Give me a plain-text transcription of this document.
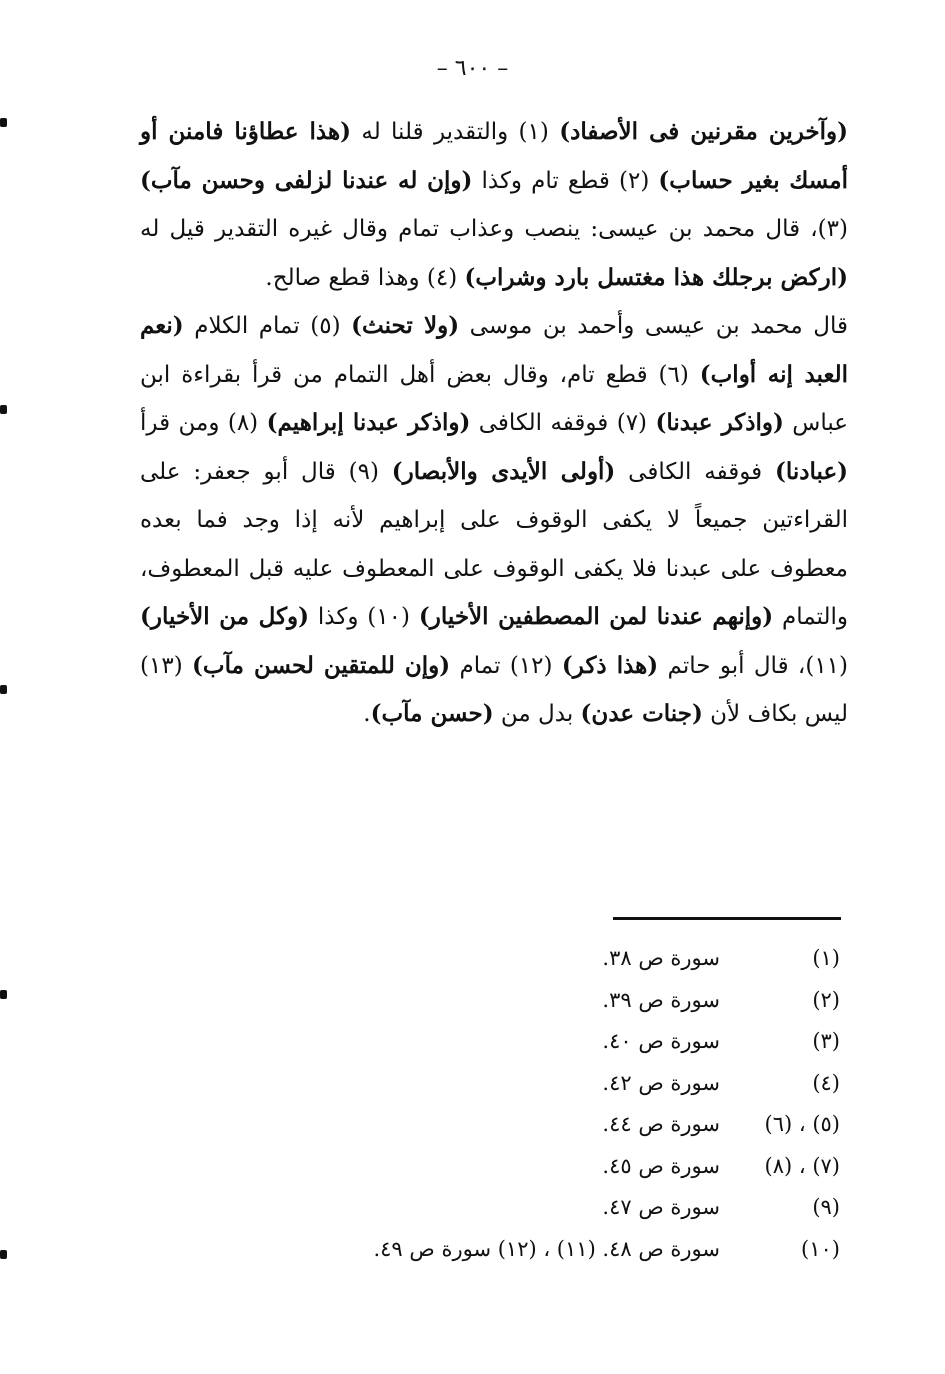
– ٦٠٠ –

(وآخرين مقرنين فى الأصفاد) (١) والتقدير قلنا له (هذا عطاؤنا فامنن أو أمسك بغير حساب) (٢) قطع تام وكذا (وإن له عندنا لزلفى وحسن مآب) (٣)، قال محمد بن عيسى: ينصب وعذاب تمام وقال غيره التقدير قيل له (اركض برجلك هذا مغتسل بارد وشراب) (٤) وهذا قطع صالح.

قال محمد بن عيسى وأحمد بن موسى (ولا تحنث) (٥) تمام الكلام (نعم العبد إنه أواب) (٦) قطع تام، وقال بعض أهل التمام من قرأ بقراءة ابن عباس (واذكر عبدنا) (٧) فوقفه الكافى (واذكر عبدنا إبراهيم) (٨) ومن قرأ (عبادنا) فوقفه الكافى (أولى الأيدى والأبصار) (٩) قال أبو جعفر: على القراءتين جميعاً لا يكفى الوقوف على إبراهيم لأنه إذا وجد فما بعده معطوف على عبدنا فلا يكفى الوقوف على المعطوف عليه قبل المعطوف، والتمام (وإنهم عندنا لمن المصطفين الأخيار) (١٠) وكذا (وكل من الأخيار) (١١)، قال أبو حاتم (هذا ذكر) (١٢) تمام (وإن للمتقين لحسن مآب) (١٣) ليس بكاف لأن (جنات عدن) بدل من (حسن مآب).

(١)سورة ص ٣٨.
(٢)سورة ص ٣٩.
(٣)سورة ص ٤٠.
(٤)سورة ص ٤٢.
(٥) ، (٦)سورة ص ٤٤.
(٧) ، (٨)سورة ص ٤٥.
(٩)سورة ص ٤٧.
(١٠)سورة ص ٤٨. (١١) ، (١٢) سورة ص ٤٩.
